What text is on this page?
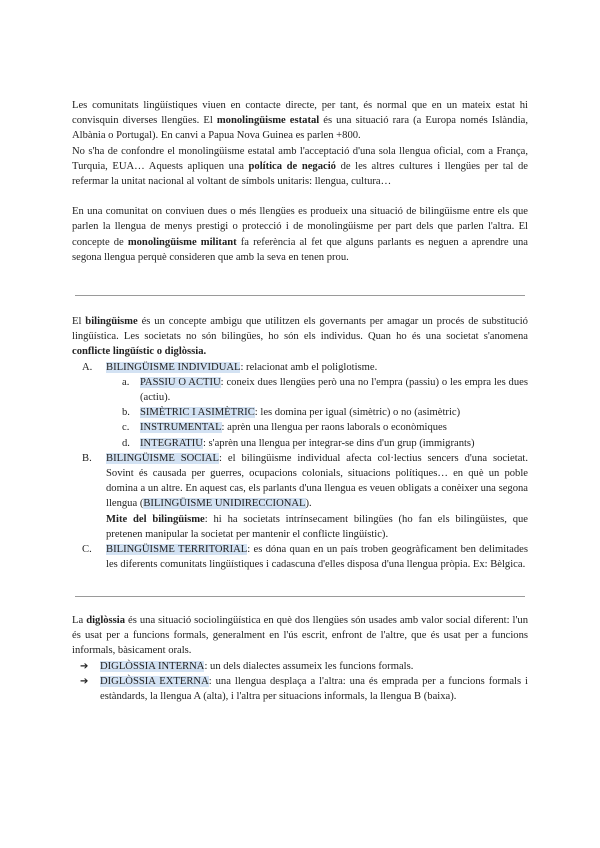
Les comunitats lingüístiques viuen en contacte directe, per tant, és normal que en un mateix estat hi convisquin diverses llengües. El monolingüisme estatal és una situació rara (a Europa només Islàndia, Albània o Portugal). En canvi a Papua Nova Guinea es parlen +800.

No s'ha de confondre el monolingüisme estatal amb l'acceptació d'una sola llengua oficial, com a França, Turquia, EUA… Aquests apliquen una política de negació de les altres cultures i llengües per tal de refermar la unitat nacional al voltant de símbols unitaris: llengua, cultura…

En una comunitat on conviuen dues o més llengües es produeix una situació de bilingüisme entre els que parlen la llengua de menys prestigi o protecció i de monolingüisme per part dels que parlen l'altra. El concepte de monolingüisme militant fa referència al fet que alguns parlants es neguen a aprendre una segona llengua perquè consideren que amb la seva en tenen prou.

El bilingüisme és un concepte ambigu que utilitzen els governants per amagar un procés de substitució lingüística. Les societats no són bilingües, ho són els individus. Quan ho és una societat s'anomena conflicte lingüístic o diglòssia.

A. BILINGÜISME INDIVIDUAL: relacionat amb el poliglotisme.
a. PASSIU O ACTIU: coneix dues llengües però una no l'empra (passiu) o les empra les dues (actiu).
b. SIMÈTRIC I ASIMÈTRIC: les domina per igual (simètric) o no (asimètric)
c. INSTRUMENTAL: aprèn una llengua per raons laborals o econòmiques
d. INTEGRATIU: s'aprèn una llengua per integrar-se dins d'un grup (immigrants)
B. BILINGÜISME SOCIAL: el bilingüisme individual afecta col·lectius sencers d'una societat. Sovint és causada per guerres, ocupacions colonials, situacions polítiques… en què un poble domina a un altre. En aquest cas, els parlants d'una llengua es veuen obligats a conèixer una segona llengua (BILINGÜISME UNIDIRECCIONAL).
Mite del bilingüisme: hi ha societats intrínsecament bilingües (ho fan els bilingüistes, que pretenen manipular la societat per mantenir el conflicte lingüístic).
C. BILINGÜISME TERRITORIAL: es dóna quan en un país troben geogràficament ben delimitades les diferents comunitats lingüístiques i cadascuna d'elles disposa d'una llengua pròpia. Ex: Bèlgica.

La diglòssia és una situació sociolingüística en què dos llengües són usades amb valor social diferent: l'un és usat per a funcions formals, generalment en l'ús escrit, enfront de l'altre, que és usat per a funcions informals, bàsicament orals.

➔ DIGLÒSSIA INTERNA: un dels dialectes assumeix les funcions formals.
➔ DIGLÒSSIA EXTERNA: una llengua desplaça a l'altra: una és emprada per a funcions formals i estàndards, la llengua A (alta), i l'altra per situacions informals, la llengua B (baixa).
